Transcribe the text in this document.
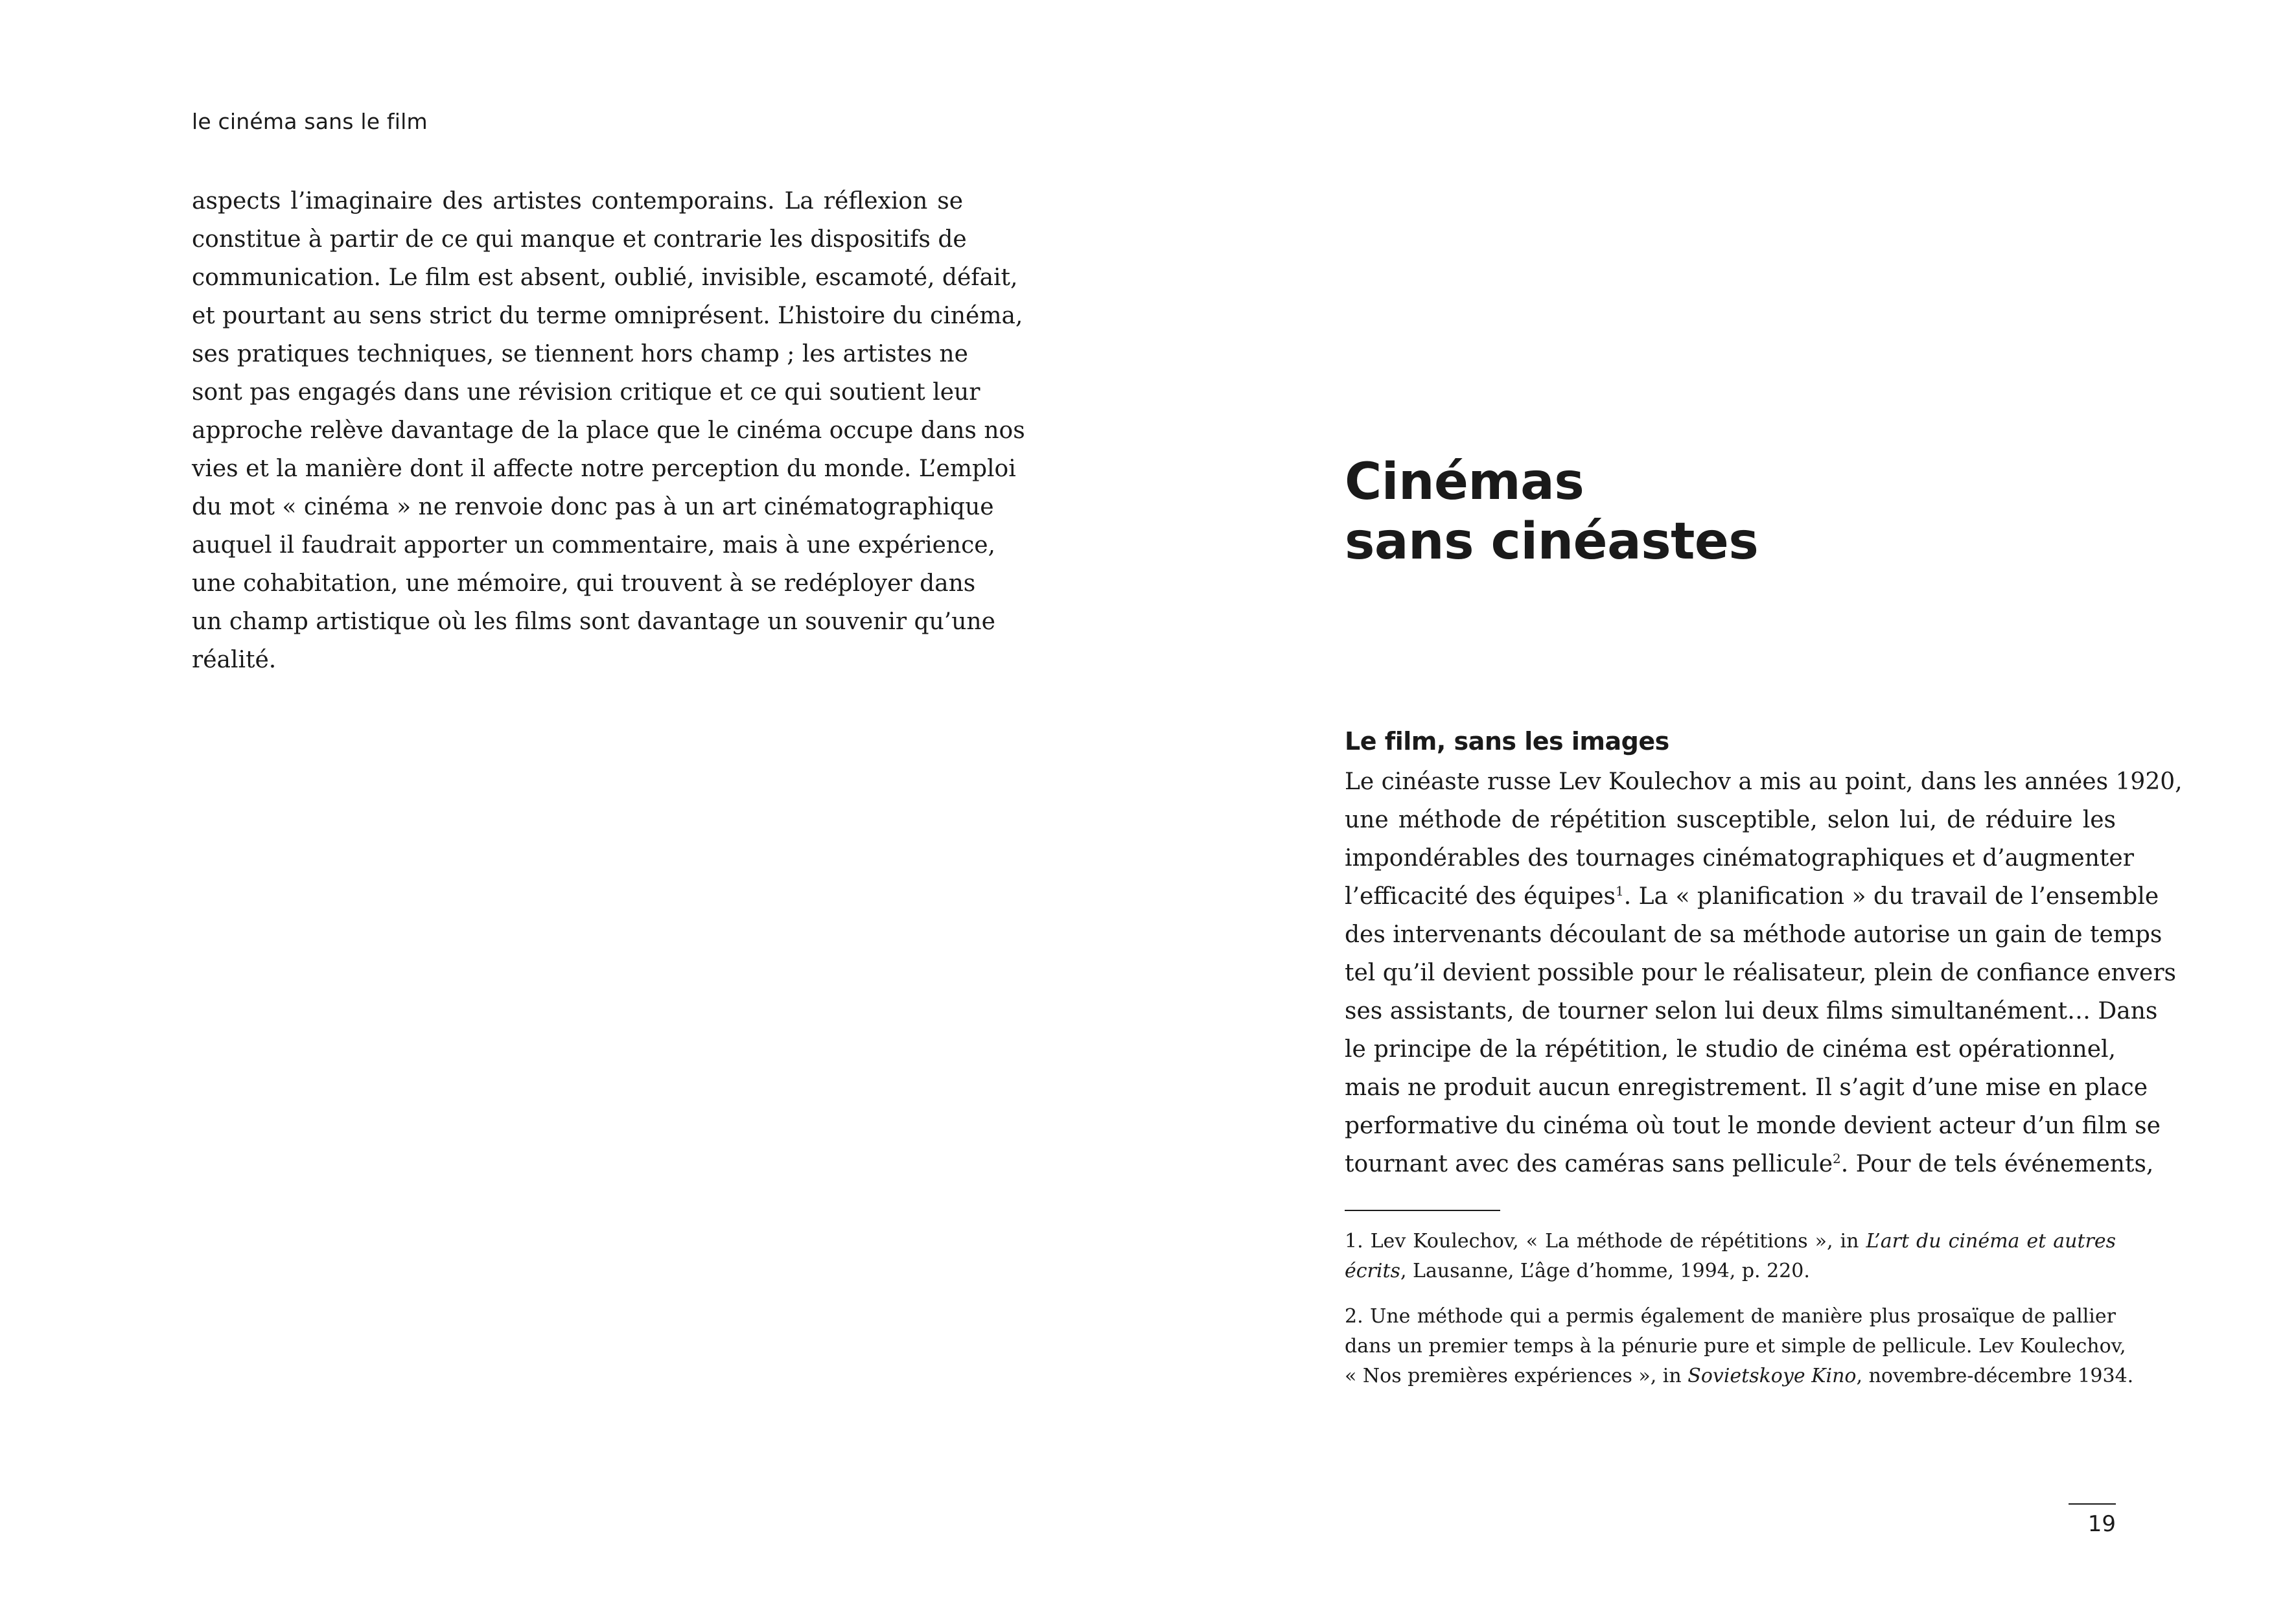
le cinéma sans le film
aspects l’imaginaire des artistes contemporains. La réflexion se
constitue à partir de ce qui manque et contrarie les dispositifs de
communication. Le film est absent, oublié, invisible, escamoté, défait,
et pourtant au sens strict du terme omniprésent. L’histoire du cinéma,
ses pratiques techniques, se tiennent hors champ ; les artistes ne
sont pas engagés dans une révision critique et ce qui soutient leur
approche relève davantage de la place que le cinéma occupe dans nos
vies et la manière dont il affecte notre perception du monde. L’emploi
du mot « cinéma » ne renvoie donc pas à un art cinématographique
auquel il faudrait apporter un commentaire, mais à une expérience,
une cohabitation, une mémoire, qui trouvent à se redéployer dans
un champ artistique où les films sont davantage un souvenir qu’une
réalité.
Cinémas
sans cinéastes
Le film, sans les images
Le cinéaste russe Lev Koulechov a mis au point, dans les années 1920,
une méthode de répétition susceptible, selon lui, de réduire les
impondérables des tournages cinématographiques et d’augmenter
l’efficacité des équipes$^1$. La « planification » du travail de l’ensemble
des intervenants découlant de sa méthode autorise un gain de temps
tel qu’il devient possible pour le réalisateur, plein de confiance envers
ses assistants, de tourner selon lui deux films simultanément… Dans
le principe de la répétition, le studio de cinéma est opérationnel,
mais ne produit aucun enregistrement. Il s’agit d’une mise en place
performative du cinéma où tout le monde devient acteur d’un film se
tournant avec des caméras sans pellicule$^2$. Pour de tels événements,
1. Lev Koulechov, « La méthode de répétitions », in L’art du cinéma et autres
écrits, Lausanne, L’âge d’homme, 1994, p. 220.
2. Une méthode qui a permis également de manière plus prosaïque de pallier
dans un premier temps à la pénurie pure et simple de pellicule. Lev Koulechov,
« Nos premières expériences », in Sovietskoye Kino, novembre-décembre 1934.
19
